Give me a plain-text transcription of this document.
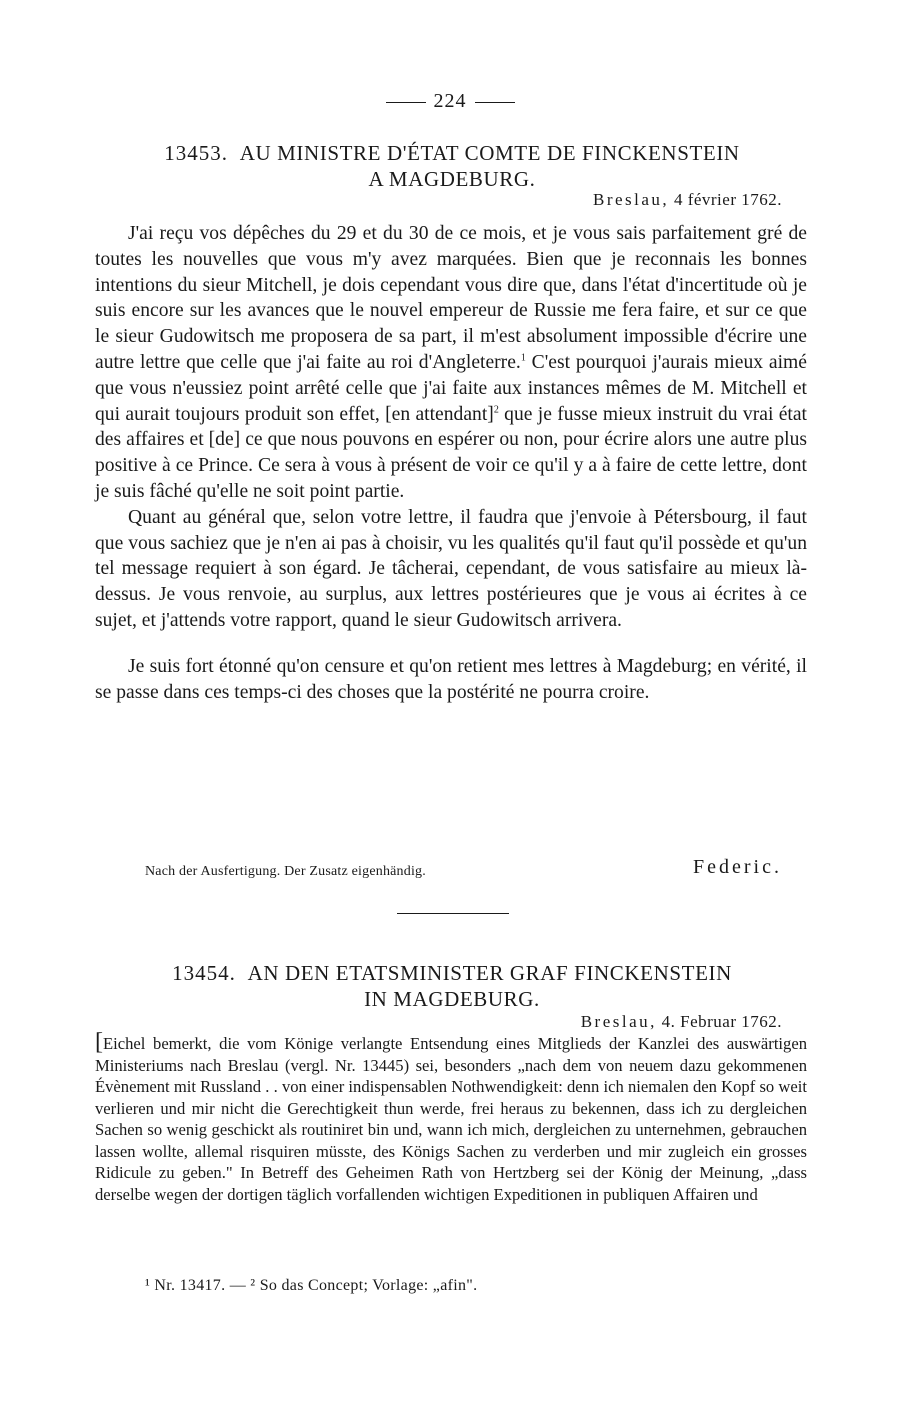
224
13453. AU MINISTRE D'ÉTAT COMTE DE FINCKENSTEIN
A MAGDEBURG.
Breslau, 4 février 1762.

J'ai reçu vos dépêches du 29 et du 30 de ce mois, et je vous sais parfaitement gré de toutes les nouvelles que vous m'y avez marquées. Bien que je reconnais les bonnes intentions du sieur Mitchell, je dois cependant vous dire que, dans l'état d'incertitude où je suis encore sur les avances que le nouvel empereur de Russie me fera faire, et sur ce que le sieur Gudowitsch me proposera de sa part, il m'est absolument impossible d'écrire une autre lettre que celle que j'ai faite au roi d'Angleterre.$^1$ C'est pourquoi j'aurais mieux aimé que vous n'eussiez point arrêté celle que j'ai faite aux instances mêmes de M. Mitchell et qui aurait toujours produit son effet, [en attendant]$^2$ que je fusse mieux instruit du vrai état des affaires et [de] ce que nous pouvons en espérer ou non, pour écrire alors une autre plus positive à ce Prince. Ce sera à vous à présent de voir ce qu'il y a à faire de cette lettre, dont je suis fâché qu'elle ne soit point partie.

Quant au général que, selon votre lettre, il faudra que j'envoie à Pétersbourg, il faut que vous sachiez que je n'en ai pas à choisir, vu les qualités qu'il faut qu'il possède et qu'un tel message requiert à son égard. Je tâcherai, cependant, de vous satisfaire au mieux là-dessus. Je vous renvoie, au surplus, aux lettres postérieures que je vous ai écrites à ce sujet, et j'attends votre rapport, quand le sieur Gudowitsch arrivera.

Je suis fort étonné qu'on censure et qu'on retient mes lettres à Magdeburg; en vérité, il se passe dans ces temps-ci des choses que la postérité ne pourra croire.

Nach der Ausfertigung. Der Zusatz eigenhändig.	Federic.
13454. AN DEN ETATSMINISTER GRAF FINCKENSTEIN
IN MAGDEBURG.
Breslau, 4. Februar 1762.
[Eichel bemerkt, die vom Könige verlangte Entsendung eines Mitglieds der Kanzlei des auswärtigen Ministeriums nach Breslau (vergl. Nr. 13445) sei, besonders „nach dem von neuem dazu gekommenen Évènement mit Russland . . von einer indispensablen Nothwendigkeit: denn ich niemalen den Kopf so weit verlieren und mir nicht die Gerechtigkeit thun werde, frei heraus zu bekennen, dass ich zu dergleichen Sachen so wenig geschickt als routiniret bin und, wann ich mich, dergleichen zu unternehmen, gebrauchen lassen wollte, allemal risquiren müsste, des Königs Sachen zu verderben und mir zugleich ein grosses Ridicule zu geben." In Betreff des Geheimen Rath von Hertzberg sei der König der Meinung, „dass derselbe wegen der dortigen täglich vorfallenden wichtigen Expeditionen in publiquen Affairen und
¹ Nr. 13417. — ² So das Concept; Vorlage: „afin".
